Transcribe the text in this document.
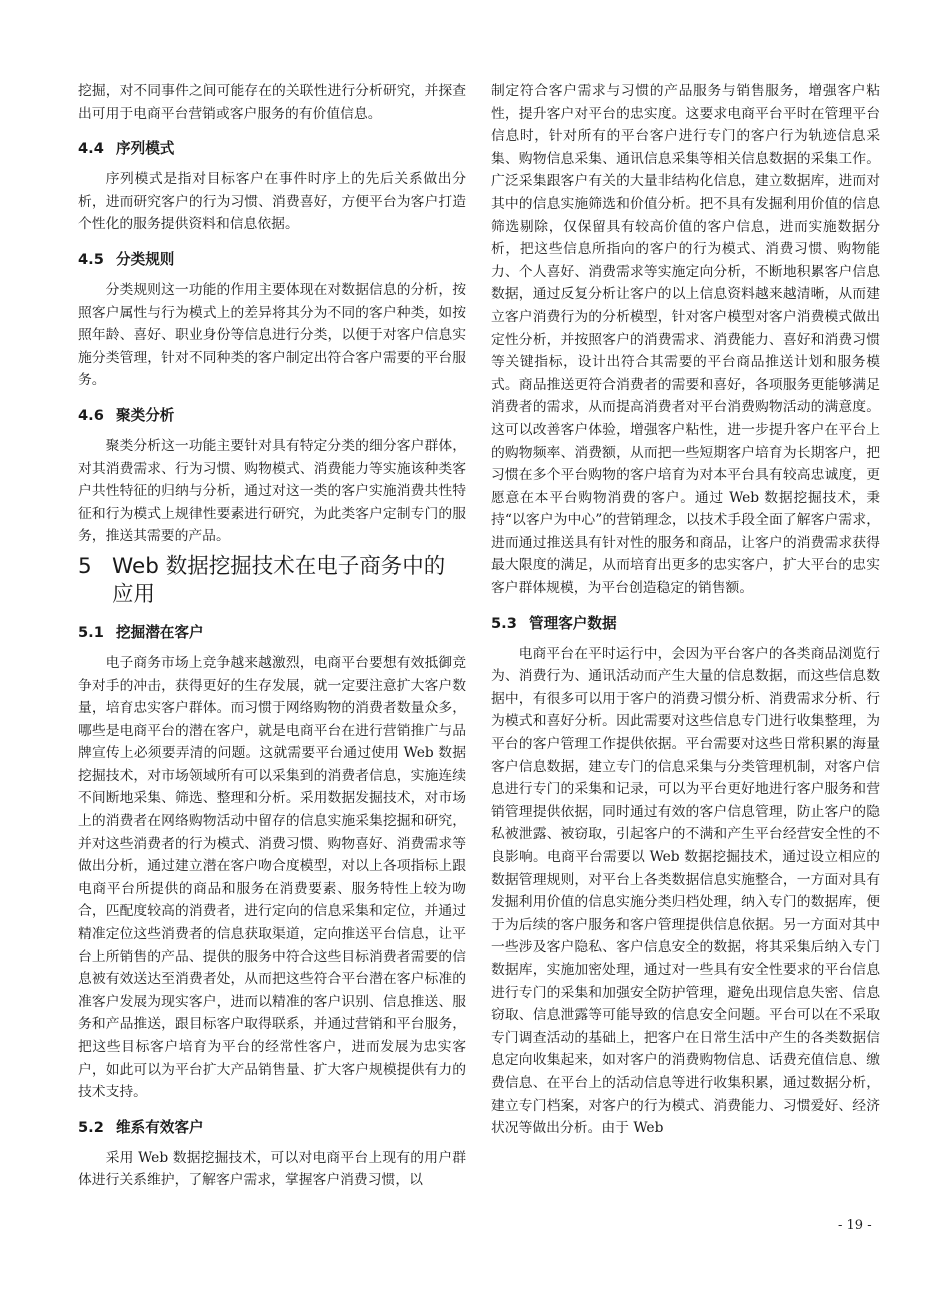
挖掘，对不同事件之间可能存在的关联性进行分析研究，并探查出可用于电商平台营销或客户服务的有价值信息。

4.4 序列模式

序列模式是指对目标客户在事件时序上的先后关系做出分析，进而研究客户的行为习惯、消费喜好，方便平台为客户打造个性化的服务提供资料和信息依据。

4.5 分类规则

分类规则这一功能的作用主要体现在对数据信息的分析，按照客户属性与行为模式上的差异将其分为不同的客户种类，如按照年龄、喜好、职业身份等信息进行分类，以便于对客户信息实施分类管理，针对不同种类的客户制定出符合客户需要的平台服务。

4.6 聚类分析

聚类分析这一功能主要针对具有特定分类的细分客户群体，对其消费需求、行为习惯、购物模式、消费能力等实施该种类客户共性特征的归纳与分析，通过对这一类的客户实施消费共性特征和行为模式上规律性要素进行研究，为此类客户定制专门的服务，推送其需要的产品。

5 Web 数据挖掘技术在电子商务中的应用
5.1 挖掘潜在客户

电子商务市场上竞争越来越激烈，电商平台要想有效抵御竞争对手的冲击，获得更好的生存发展，就一定要注意扩大客户数量，培育忠实客户群体。而习惯于网络购物的消费者数量众多，哪些是电商平台的潜在客户，就是电商平台在进行营销推广与品牌宣传上必须要弄清的问题。这就需要平台通过使用 Web 数据挖掘技术，对市场领域所有可以采集到的消费者信息，实施连续不间断地采集、筛选、整理和分析。采用数据发掘技术，对市场上的消费者在网络购物活动中留存的信息实施采集挖掘和研究，并对这些消费者的行为模式、消费习惯、购物喜好、消费需求等做出分析，通过建立潜在客户吻合度模型，对以上各项指标上跟电商平台所提供的商品和服务在消费要素、服务特性上较为吻合，匹配度较高的消费者，进行定向的信息采集和定位，并通过精准定位这些消费者的信息获取渠道，定向推送平台信息，让平台上所销售的产品、提供的服务中符合这些目标消费者需要的信息被有效送达至消费者处，从而把这些符合平台潜在客户标准的准客户发展为现实客户，进而以精准的客户识别、信息推送、服务和产品推送，跟目标客户取得联系，并通过营销和平台服务，把这些目标客户培育为平台的经常性客户，进而发展为忠实客户，如此可以为平台扩大产品销售量、扩大客户规模提供有力的技术支持。

5.2 维系有效客户

采用 Web 数据挖掘技术，可以对电商平台上现有的用户群体进行关系维护，了解客户需求，掌握客户消费习惯，以

制定符合客户需求与习惯的产品服务与销售服务，增强客户粘性，提升客户对平台的忠实度。这要求电商平台平时在管理平台信息时，针对所有的平台客户进行专门的客户行为轨迹信息采集、购物信息采集、通讯信息采集等相关信息数据的采集工作。广泛采集跟客户有关的大量非结构化信息，建立数据库，进而对其中的信息实施筛选和价值分析。把不具有发掘利用价值的信息筛选剔除，仅保留具有较高价值的客户信息，进而实施数据分析，把这些信息所指向的客户的行为模式、消费习惯、购物能力、个人喜好、消费需求等实施定向分析，不断地积累客户信息数据，通过反复分析让客户的以上信息资料越来越清晰，从而建立客户消费行为的分析模型，针对客户模型对客户消费模式做出定性分析，并按照客户的消费需求、消费能力、喜好和消费习惯等关键指标，设计出符合其需要的平台商品推送计划和服务模式。商品推送更符合消费者的需要和喜好，各项服务更能够满足消费者的需求，从而提高消费者对平台消费购物活动的满意度。这可以改善客户体验，增强客户粘性，进一步提升客户在平台上的购物频率、消费额，从而把一些短期客户培育为长期客户，把习惯在多个平台购物的客户培育为对本平台具有较高忠诚度，更愿意在本平台购物消费的客户。通过 Web 数据挖掘技术，秉持“以客户为中心”的营销理念，以技术手段全面了解客户需求，进而通过推送具有针对性的服务和商品，让客户的消费需求获得最大限度的满足，从而培育出更多的忠实客户，扩大平台的忠实客户群体规模，为平台创造稳定的销售额。

5.3 管理客户数据

电商平台在平时运行中，会因为平台客户的各类商品浏览行为、消费行为、通讯活动而产生大量的信息数据，而这些信息数据中，有很多可以用于客户的消费习惯分析、消费需求分析、行为模式和喜好分析。因此需要对这些信息专门进行收集整理，为平台的客户管理工作提供依据。平台需要对这些日常积累的海量客户信息数据，建立专门的信息采集与分类管理机制，对客户信息进行专门的采集和记录，可以为平台更好地进行客户服务和营销管理提供依据，同时通过有效的客户信息管理，防止客户的隐私被泄露、被窃取，引起客户的不满和产生平台经营安全性的不良影响。电商平台需要以 Web 数据挖掘技术，通过设立相应的数据管理规则，对平台上各类数据信息实施整合，一方面对具有发掘利用价值的信息实施分类归档处理，纳入专门的数据库，便于为后续的客户服务和客户管理提供信息依据。另一方面对其中一些涉及客户隐私、客户信息安全的数据，将其采集后纳入专门数据库，实施加密处理，通过对一些具有安全性要求的平台信息进行专门的采集和加强安全防护管理，避免出现信息失密、信息窃取、信息泄露等可能导致的信息安全问题。平台可以在不采取专门调查活动的基础上，把客户在日常生活中产生的各类数据信息定向收集起来，如对客户的消费购物信息、话费充值信息、缴费信息、在平台上的活动信息等进行收集积累，通过数据分析，建立专门档案，对客户的行为模式、消费能力、习惯爱好、经济状况等做出分析。由于 Web

- 19 -
